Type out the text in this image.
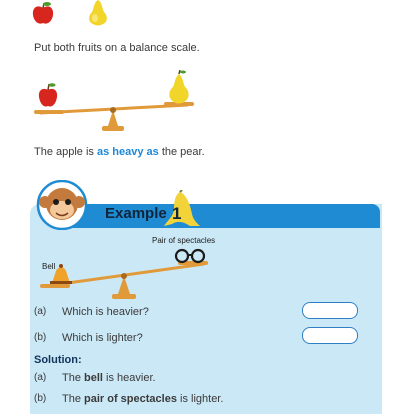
Put both fruits on a balance scale.
The apple is as heavy as the pear.
Example 1
Pair of spectacles
Bell
(a) Which is heavier?
(b) Which is lighter?
Solution:
(a) The bell is heavier.
(b) The pair of spectacles is lighter.
